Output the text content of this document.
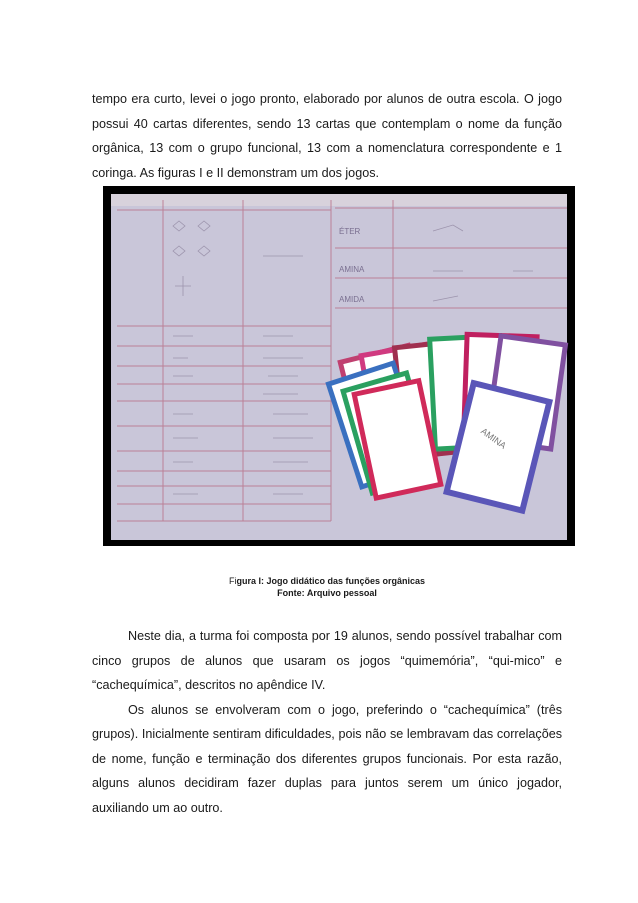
tempo era curto, levei o jogo pronto, elaborado por alunos de outra escola. O jogo possui 40 cartas diferentes, sendo 13 cartas que contemplam o nome da função orgânica, 13 com o grupo funcional, 13 com a nomenclatura correspondente e 1 coringa. As figuras I e II demonstram um dos jogos.

ÉTER
AMINA
AMIDA
AMINA
Figura I: Jogo didático das funções orgânicas
Fonte: Arquivo pessoal

Neste dia, a turma foi composta por 19 alunos, sendo possível trabalhar com cinco grupos de alunos que usaram os jogos “quimemória”, “qui-mico” e “cachequímica”, descritos no apêndice IV.

Os alunos se envolveram com o jogo, preferindo o “cachequímica” (três grupos). Inicialmente sentiram dificuldades, pois não se lembravam das correlações de nome, função e terminação dos diferentes grupos funcionais. Por esta razão, alguns alunos decidiram fazer duplas para juntos serem um único jogador, auxiliando um ao outro.
